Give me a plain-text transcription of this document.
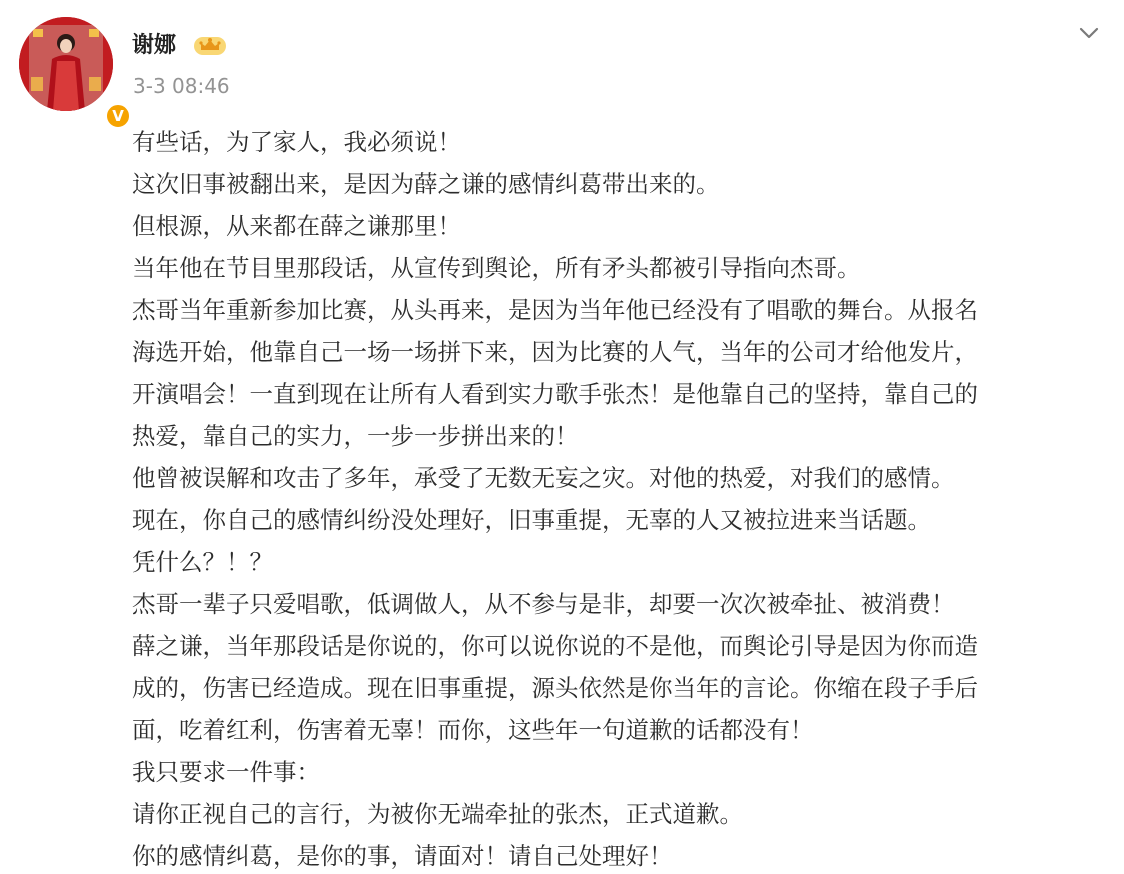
V
谢娜
3-3 08:46
有些话，为了家人，我必须说！
这次旧事被翻出来，是因为薛之谦的感情纠葛带出来的。
但根源，从来都在薛之谦那里！
当年他在节目里那段话，从宣传到舆论，所有矛头都被引导指向杰哥。
杰哥当年重新参加比赛，从头再来，是因为当年他已经没有了唱歌的舞台。从报名
海选开始，他靠自己一场一场拼下来，因为比赛的人气，当年的公司才给他发片，
开演唱会！一直到现在让所有人看到实力歌手张杰！是他靠自己的坚持，靠自己的
热爱，靠自己的实力，一步一步拼出来的！
他曾被误解和攻击了多年，承受了无数无妄之灾。对他的热爱，对我们的感情。
现在，你自己的感情纠纷没处理好，旧事重提，无辜的人又被拉进来当话题。
凭什么？！？
杰哥一辈子只爱唱歌，低调做人，从不参与是非，却要一次次被牵扯、被消费！
薛之谦，当年那段话是你说的，你可以说你说的不是他，而舆论引导是因为你而造
成的，伤害已经造成。现在旧事重提，源头依然是你当年的言论。你缩在段子手后
面，吃着红利，伤害着无辜！而你，这些年一句道歉的话都没有！
我只要求一件事：
请你正视自己的言行，为被你无端牵扯的张杰，正式道歉。
你的感情纠葛，是你的事，请面对！请自己处理好！
